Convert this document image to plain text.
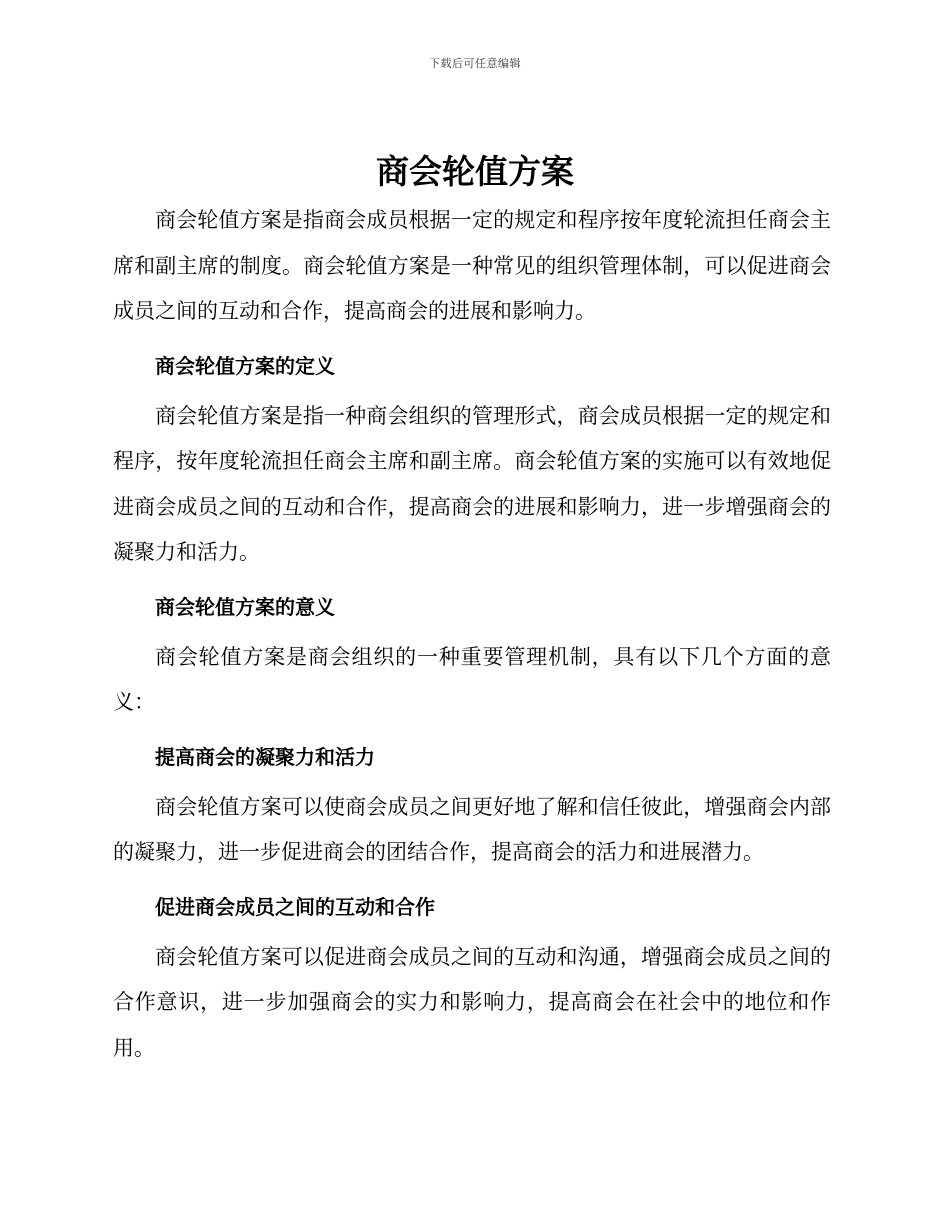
下载后可任意编辑
商会轮值方案

商会轮值方案是指商会成员根据一定的规定和程序按年度轮流担任商会主席和副主席的制度。商会轮值方案是一种常见的组织管理体制，可以促进商会成员之间的互动和合作，提高商会的进展和影响力。

商会轮值方案的定义

商会轮值方案是指一种商会组织的管理形式，商会成员根据一定的规定和程序，按年度轮流担任商会主席和副主席。商会轮值方案的实施可以有效地促进商会成员之间的互动和合作，提高商会的进展和影响力，进一步增强商会的凝聚力和活力。

商会轮值方案的意义

商会轮值方案是商会组织的一种重要管理机制，具有以下几个方面的意义：

提高商会的凝聚力和活力

商会轮值方案可以使商会成员之间更好地了解和信任彼此，增强商会内部的凝聚力，进一步促进商会的团结合作，提高商会的活力和进展潜力。

促进商会成员之间的互动和合作

商会轮值方案可以促进商会成员之间的互动和沟通，增强商会成员之间的合作意识，进一步加强商会的实力和影响力，提高商会在社会中的地位和作用。
